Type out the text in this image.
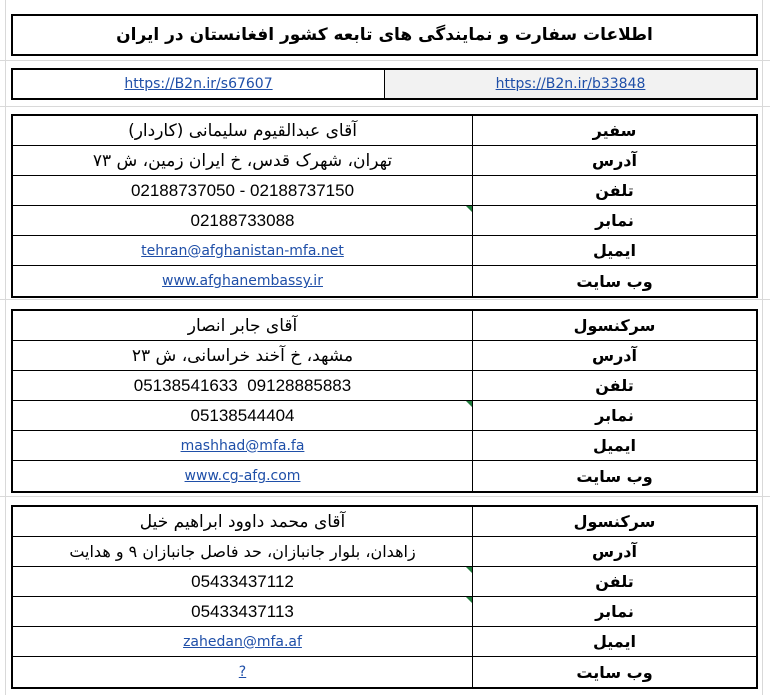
اطلاعات سفارت و نمایندگی های تابعه کشور افغانستان در ایران
https://B2n.ir/s67607	https://B2n.ir/b33848
آقای عبدالقیوم سلیمانی (کاردار)	سفیر
تهران، شهرک قدس، خ ایران زمین، ش ۷۳	آدرس
02188737050 - 02188737150	تلفن
02188733088	نمابر
tehran@afghanistan-mfa.net	ایمیل
www.afghanembassy.ir	وب سایت
آقای جابر انصار	سرکنسول
مشهد، خ آخند خراسانی، ش ۲۳	آدرس
05138541633  09128885883	تلفن
05138544404	نمابر
mashhad@mfa.fa	ایمیل
www.cg-afg.com	وب سایت
آقای محمد داوود ابراهیم خیل	سرکنسول
زاهدان، بلوار جانبازان، حد فاصل جانبازان ۹ و هدایت	آدرس
05433437112	تلفن
05433437113	نمابر
zahedan@mfa.af	ایمیل
?	وب سایت
